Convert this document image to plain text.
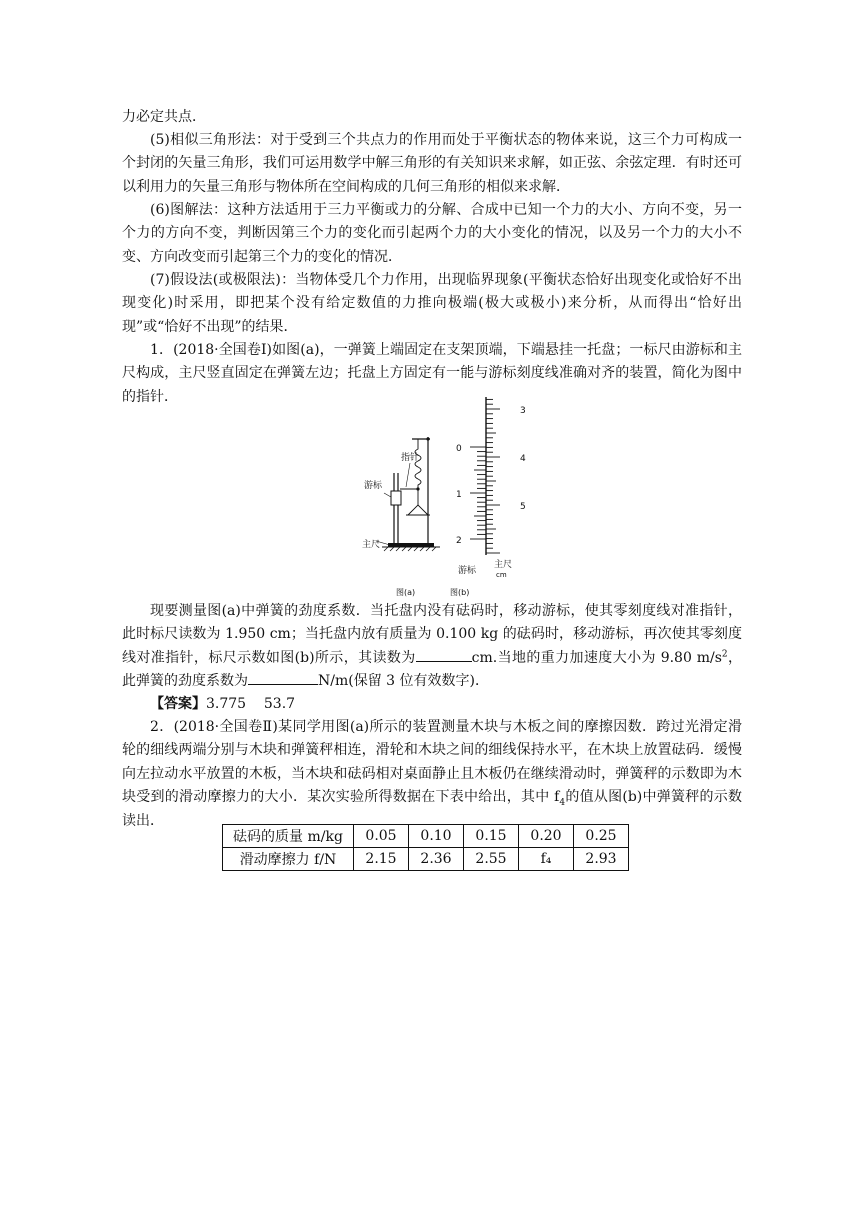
力必定共点．

(5)相似三角形法：对于受到三个共点力的作用而处于平衡状态的物体来说，这三个力可构成一个封闭的矢量三角形，我们可运用数学中解三角形的有关知识来求解，如正弦、余弦定理．有时还可以利用力的矢量三角形与物体所在空间构成的几何三角形的相似来求解．

(6)图解法：这种方法适用于三力平衡或力的分解、合成中已知一个力的大小、方向不变，另一个力的方向不变，判断因第三个力的变化而引起两个力的大小变化的情况，以及另一个力的大小不变、方向改变而引起第三个力的变化的情况．

(7)假设法(或极限法)：当物体受几个力作用，出现临界现象(平衡状态恰好出现变化或恰好不出现变化)时采用，即把某个没有给定数值的力推向极端(极大或极小)来分析，从而得出“恰好出现”或“恰好不出现”的结果．

1．(2018·全国卷Ⅰ)如图(a)，一弹簧上端固定在支架顶端，下端悬挂一托盘；一标尺由游标和主尺构成，主尺竖直固定在弹簧左边；托盘上方固定有一能与游标刻度线准确对齐的装置，简化为图中的指针．

指针
游标
主尺
图(a)
3
4
5
0
1
2
游标
主尺
cm
图(b)

现要测量图(a)中弹簧的劲度系数．当托盘内没有砝码时，移动游标，使其零刻度线对准指针，此时标尺读数为 1.950 cm；当托盘内放有质量为 0.100 kg 的砝码时，移动游标，再次使其零刻度线对准指针，标尺示数如图(b)所示，其读数为	cm.当地的重力加速度大小为 9.80 $m/s^2$，此弹簧的劲度系数为	N/m(保留 3 位有效数字)．

【答案】3.775    53.7

2．(2018·全国卷Ⅱ)某同学用图(a)所示的装置测量木块与木板之间的摩擦因数．跨过光滑定滑轮的细线两端分别与木块和弹簧秤相连，滑轮和木块之间的细线保持水平，在木块上放置砝码．缓慢向左拉动水平放置的木板，当木块和砝码相对桌面静止且木板仍在继续滑动时，弹簧秤的示数即为木块受到的滑动摩擦力的大小．某次实验所得数据在下表中给出，其中 $f_4$的值从图(b)中弹簧秤的示数读出．

砝码的质量 m/kg	0.05	0.10	0.15	0.20	0.25
滑动摩擦力 f/N	2.15	2.36	2.55	f₄	2.93
